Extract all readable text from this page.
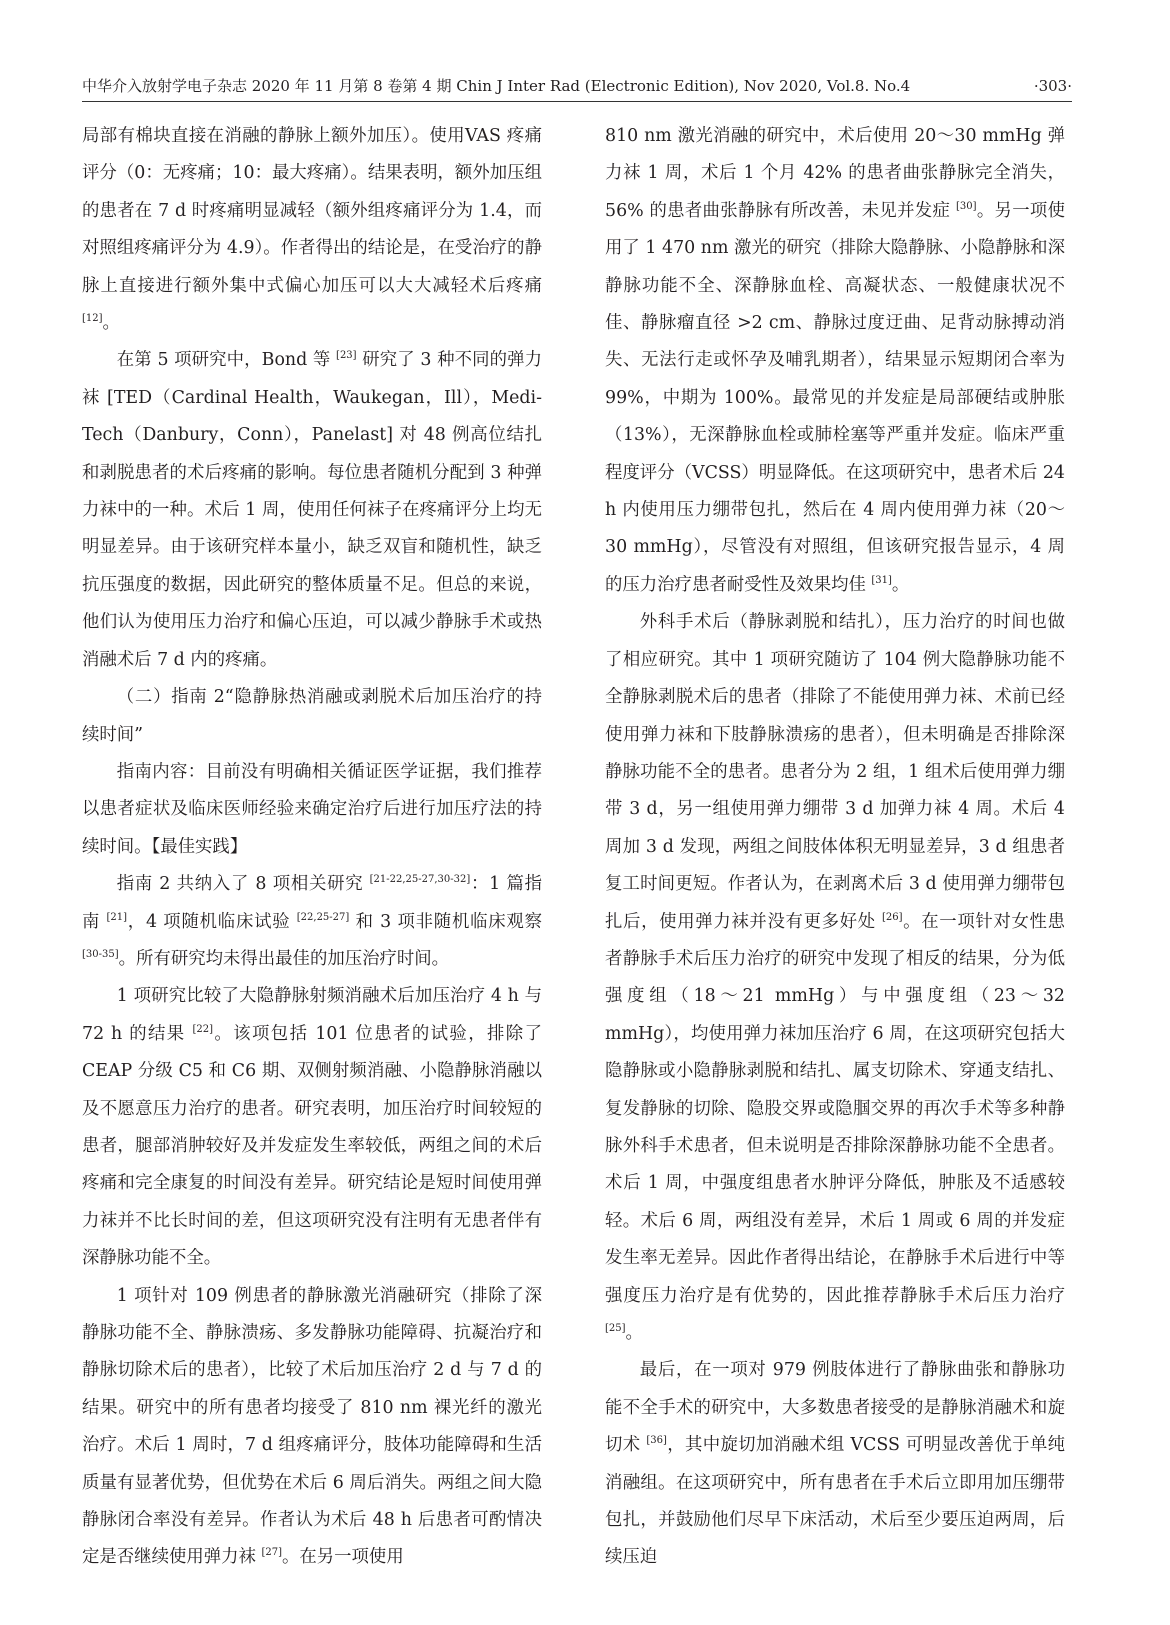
中华介入放射学电子杂志 2020 年 11 月第 8 卷第 4 期 Chin J Inter Rad (Electronic Edition), Nov 2020, Vol.8. No.4	·303·

局部有棉块直接在消融的静脉上额外加压）。使用VAS 疼痛评分（0：无疼痛；10：最大疼痛）。结果表明，额外加压组的患者在 7 d 时疼痛明显减轻（额外组疼痛评分为 1.4，而对照组疼痛评分为 4.9）。作者得出的结论是，在受治疗的静脉上直接进行额外集中式偏心加压可以大大减轻术后疼痛 [12]。

在第 5 项研究中，Bond 等 [23] 研究了 3 种不同的弹力袜 [TED（Cardinal Health，Waukegan，Ill），Medi-Tech（Danbury，Conn），Panelast] 对 48 例高位结扎和剥脱患者的术后疼痛的影响。每位患者随机分配到 3 种弹力袜中的一种。术后 1 周，使用任何袜子在疼痛评分上均无明显差异。由于该研究样本量小，缺乏双盲和随机性，缺乏抗压强度的数据，因此研究的整体质量不足。但总的来说，他们认为使用压力治疗和偏心压迫，可以减少静脉手术或热消融术后 7 d 内的疼痛。

（二）指南 2“隐静脉热消融或剥脱术后加压治疗的持续时间”

指南内容：目前没有明确相关循证医学证据，我们推荐以患者症状及临床医师经验来确定治疗后进行加压疗法的持续时间。【最佳实践】

指南 2 共纳入了 8 项相关研究 [21-22,25-27,30-32]：1 篇指南 [21]，4 项随机临床试验 [22,25-27] 和 3 项非随机临床观察 [30-35]。所有研究均未得出最佳的加压治疗时间。

1 项研究比较了大隐静脉射频消融术后加压治疗 4 h 与 72 h 的结果 [22]。该项包括 101 位患者的试验，排除了 CEAP 分级 C5 和 C6 期、双侧射频消融、小隐静脉消融以及不愿意压力治疗的患者。研究表明，加压治疗时间较短的患者，腿部消肿较好及并发症发生率较低，两组之间的术后疼痛和完全康复的时间没有差异。研究结论是短时间使用弹力袜并不比长时间的差，但这项研究没有注明有无患者伴有深静脉功能不全。

1 项针对 109 例患者的静脉激光消融研究（排除了深静脉功能不全、静脉溃疡、多发静脉功能障碍、抗凝治疗和静脉切除术后的患者），比较了术后加压治疗 2 d 与 7 d 的结果。研究中的所有患者均接受了 810 nm 裸光纤的激光治疗。术后 1 周时，7 d 组疼痛评分，肢体功能障碍和生活质量有显著优势，但优势在术后 6 周后消失。两组之间大隐静脉闭合率没有差异。作者认为术后 48 h 后患者可酌情决定是否继续使用弹力袜 [27]。在另一项使用

810 nm 激光消融的研究中，术后使用 20～30 mmHg 弹力袜 1 周，术后 1 个月 42% 的患者曲张静脉完全消失，56% 的患者曲张静脉有所改善，未见并发症 [30]。另一项使用了 1 470 nm 激光的研究（排除大隐静脉、小隐静脉和深静脉功能不全、深静脉血栓、高凝状态、一般健康状况不佳、静脉瘤直径 >2 cm、静脉过度迂曲、足背动脉搏动消失、无法行走或怀孕及哺乳期者），结果显示短期闭合率为 99%，中期为 100%。最常见的并发症是局部硬结或肿胀（13%），无深静脉血栓或肺栓塞等严重并发症。临床严重程度评分（VCSS）明显降低。在这项研究中，患者术后 24 h 内使用压力绷带包扎，然后在 4 周内使用弹力袜（20～30 mmHg），尽管没有对照组，但该研究报告显示，4 周的压力治疗患者耐受性及效果均佳 [31]。

外科手术后（静脉剥脱和结扎），压力治疗的时间也做了相应研究。其中 1 项研究随访了 104 例大隐静脉功能不全静脉剥脱术后的患者（排除了不能使用弹力袜、术前已经使用弹力袜和下肢静脉溃疡的患者），但未明确是否排除深静脉功能不全的患者。患者分为 2 组，1 组术后使用弹力绷带 3 d，另一组使用弹力绷带 3 d 加弹力袜 4 周。术后 4 周加 3 d 发现，两组之间肢体体积无明显差异，3 d 组患者复工时间更短。作者认为，在剥离术后 3 d 使用弹力绷带包扎后，使用弹力袜并没有更多好处 [26]。在一项针对女性患者静脉手术后压力治疗的研究中发现了相反的结果，分为低强度组（18～21 mmHg）与中强度组（23～32 mmHg），均使用弹力袜加压治疗 6 周，在这项研究包括大隐静脉或小隐静脉剥脱和结扎、属支切除术、穿通支结扎、复发静脉的切除、隐股交界或隐腘交界的再次手术等多种静脉外科手术患者，但未说明是否排除深静脉功能不全患者。术后 1 周，中强度组患者水肿评分降低，肿胀及不适感较轻。术后 6 周，两组没有差异，术后 1 周或 6 周的并发症发生率无差异。因此作者得出结论，在静脉手术后进行中等强度压力治疗是有优势的，因此推荐静脉手术后压力治疗 [25]。

最后，在一项对 979 例肢体进行了静脉曲张和静脉功能不全手术的研究中，大多数患者接受的是静脉消融术和旋切术 [36]，其中旋切加消融术组 VCSS 可明显改善优于单纯消融组。在这项研究中，所有患者在手术后立即用加压绷带包扎，并鼓励他们尽早下床活动，术后至少要压迫两周，后续压迫
